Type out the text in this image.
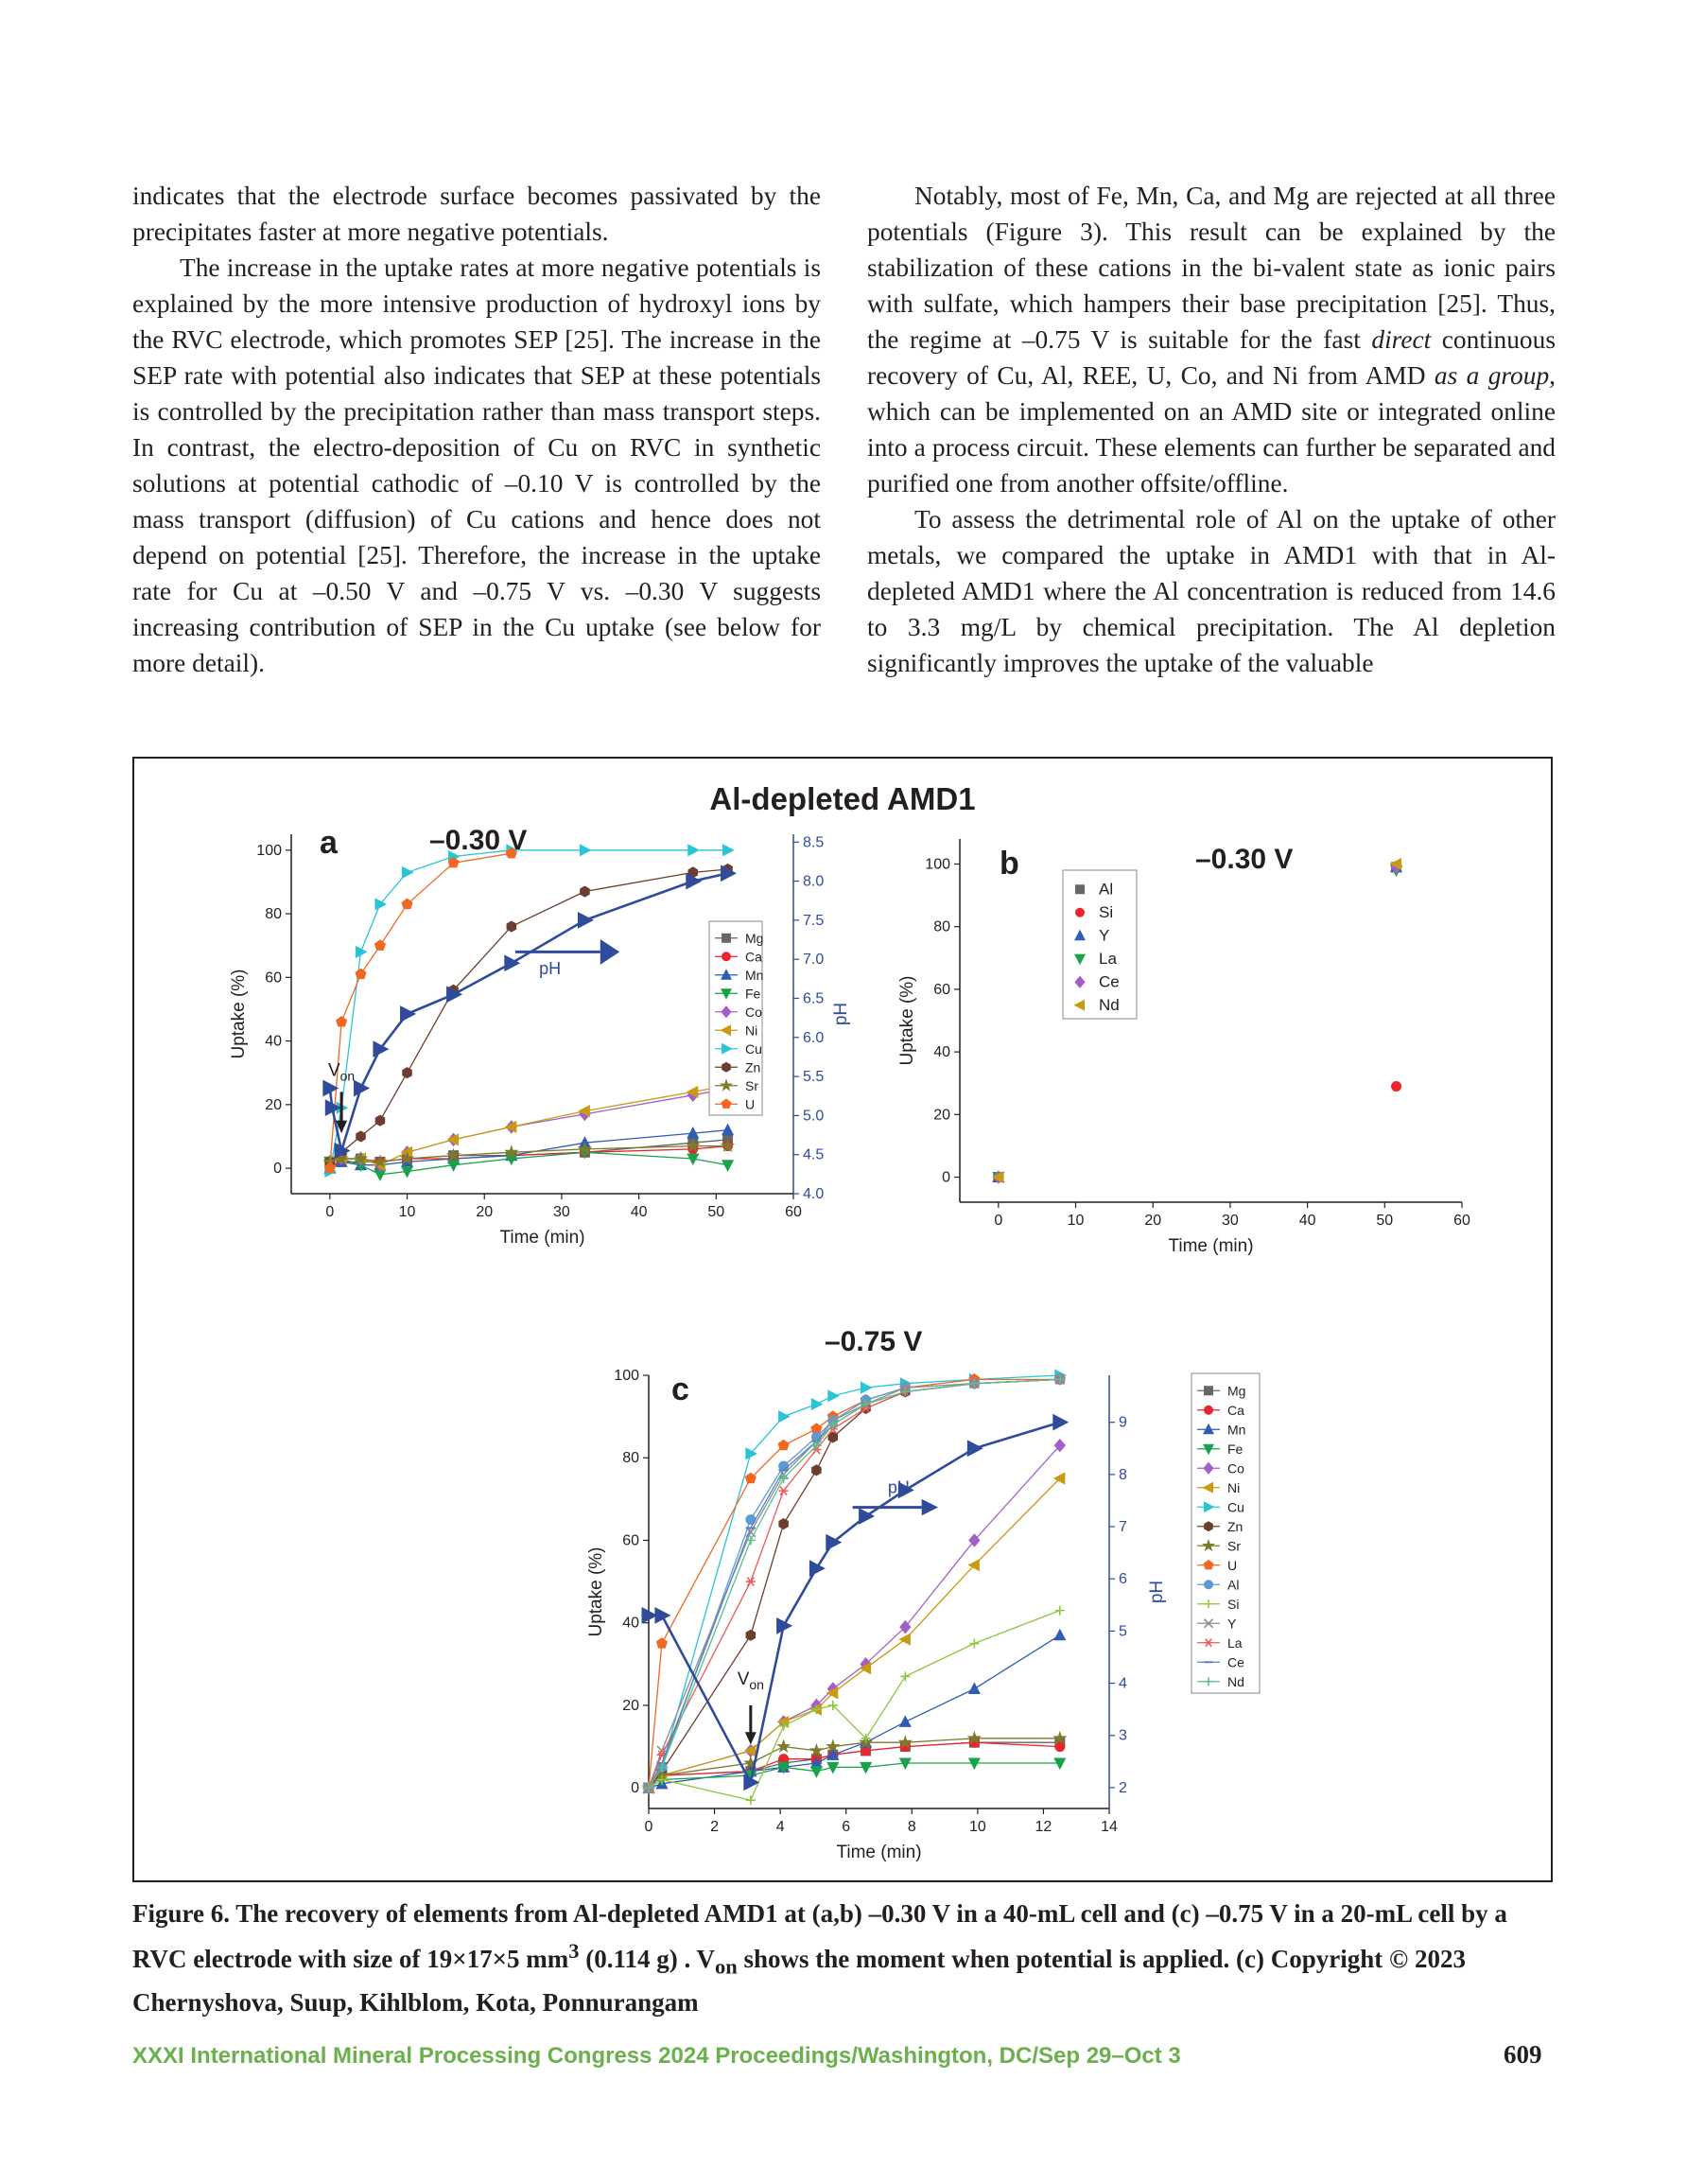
indicates that the electrode surface becomes passivated by the precipitates faster at more negative potentials.

The increase in the uptake rates at more negative potentials is explained by the more intensive production of hydroxyl ions by the RVC electrode, which promotes SEP [25]. The increase in the SEP rate with potential also indicates that SEP at these potentials is controlled by the precipitation rather than mass transport steps. In contrast, the electro-deposition of Cu on RVC in synthetic solutions at potential cathodic of –0.10 V is controlled by the mass transport (diffusion) of Cu cations and hence does not depend on potential [25]. Therefore, the increase in the uptake rate for Cu at –0.50 V and –0.75 V vs. –0.30 V suggests increasing contribution of SEP in the Cu uptake (see below for more detail).

Notably, most of Fe, Mn, Ca, and Mg are rejected at all three potentials (Figure 3). This result can be explained by the stabilization of these cations in the bi-valent state as ionic pairs with sulfate, which hampers their base precipitation [25]. Thus, the regime at –0.75 V is suitable for the fast direct continuous recovery of Cu, Al, REE, U, Co, and Ni from AMD as a group, which can be implemented on an AMD site or integrated online into a process circuit. These elements can further be separated and purified one from another offsite/offline.

To assess the detrimental role of Al on the uptake of other metals, we compared the uptake in AMD1 with that in Al-depleted AMD1 where the Al concentration is reduced from 14.6 to 3.3 mg/L by chemical precipitation. The Al depletion significantly improves the uptake of the valuable

Al-depleted AMD1
0	10	20	30	40	50	60
0
20
40
60
80
100
Time (min)
Uptake (%)
4.0
4.5
5.0
5.5
6.0
6.5
7.0
7.5
8.0
8.5
pH
Mg
Ca
Mn
Fe
Co
Ni
Cu
Zn
Sr
U
0	10	20	30	40	50	60
0
20
40
60
80
100
Time (min)
Uptake (%)
Al
Si
Y
La
Ce
Nd
0	2	4	6	8	10	12	14
0
20
40
60
80
100
Time (min)
Uptake (%)
2
3
4
5
6
7
8
9
pH
Mg
Ca
Mn
Fe
Co
Ni
Cu
Zn
Sr
U
Al
Si
Y
La
Ce
Nd
$V_{on}$
pH
$V_{on}$
pH
a	–0.30 V
b	–0.30 V
c
–0.75 V
Figure 6. The recovery of elements from Al-depleted AMD1 at (a,b) –0.30 V in a 40-mL cell and (c) –0.75 V in a 20-mL cell by a RVC electrode with size of 19×17×5 $mm^3$ (0.114 g) . $V_{on}$ shows the moment when potential is applied. (c) Copyright © 2023 Chernyshova, Suup, Kihlblom, Kota, Ponnurangam
XXXI International Mineral Processing Congress 2024 Proceedings/Washington, DC/Sep 29–Oct 3	609
